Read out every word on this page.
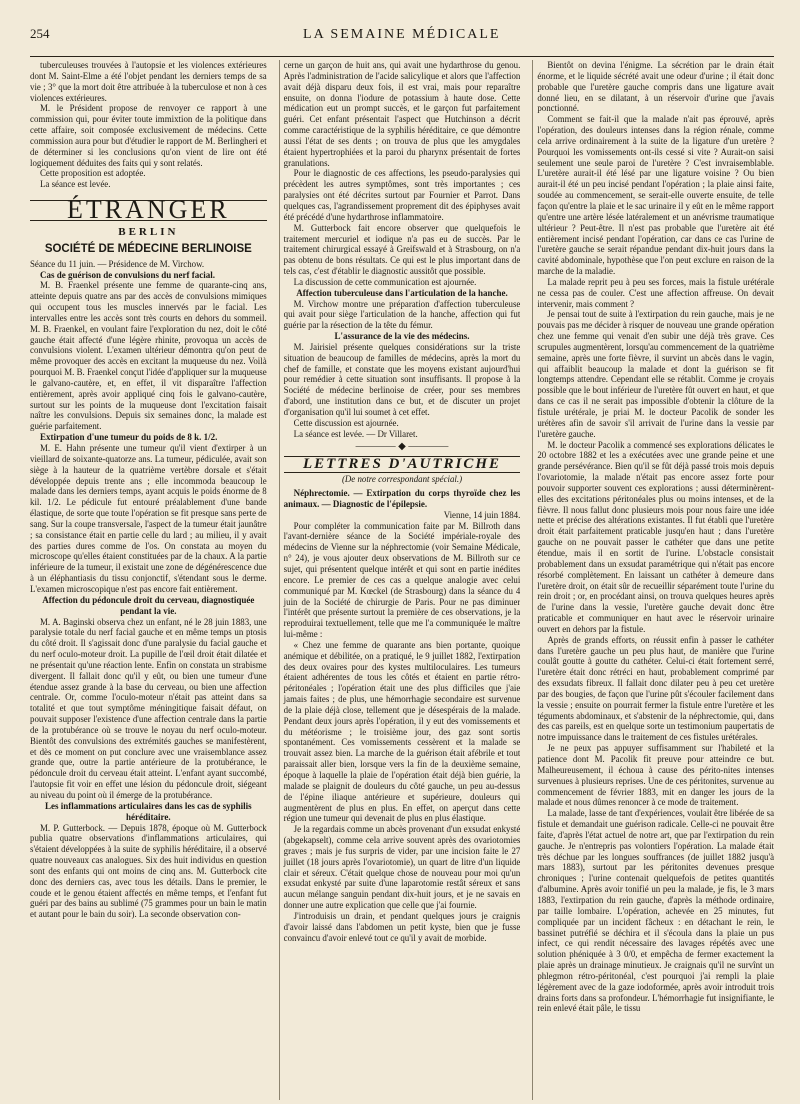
254	LA SEMAINE MÉDICALE

tuberculeuses trouvées à l'autopsie et les violences extérieures dont M. Saint-Elme a été l'objet pendant les derniers temps de sa vie ; 3° que la mort doit être attribuée à la tuberculose et non à ces violences extérieures.

M. le Président propose de renvoyer ce rapport à une commission qui, pour éviter toute immixtion de la politique dans cette affaire, soit composée exclusivement de médecins. Cette commission aura pour but d'étudier le rapport de M. Berlingheri et de déterminer si les conclusions qu'on vient de lire ont été logiquement déduites des faits qui y sont relatés.

Cette proposition est adoptée.

La séance est levée.

ÉTRANGER
BERLIN
SOCIÉTÉ DE MÉDECINE BERLINOISE

Séance du 11 juin. — Présidence de M. Virchow.

Cas de guérison de convulsions du nerf facial.

M. B. Fraenkel présente une femme de quarante-cinq ans, atteinte depuis quatre ans par des accès de convulsions mimiques qui occupent tous les muscles innervés par le facial. Les intervalles entre les accès sont très courts en dehors du sommeil. M. B. Fraenkel, en voulant faire l'exploration du nez, doit le côté gauche était affecté d'une légère rhinite, provoqua un accès de convulsions violent. L'examen ultérieur démontra qu'on peut de même provoquer des accès en excitant la muqueuse du nez. Voilà pourquoi M. B. Fraenkel conçut l'idée d'appliquer sur la muqueuse le galvano-cautère, et, en effet, il vit disparaître l'affection entièrement, après avoir appliqué cinq fois le galvano-cautère, surtout sur les points de la muqueuse dont l'excitation faisait naître les convulsions. Depuis six semaines donc, la malade est guérie parfaitement.

Extirpation d'une tumeur du poids de 8 k. 1/2.

M. E. Hahn présente une tumeur qu'il vient d'extirper à un vieillard de soixante-quatorze ans. La tumeur, pédiculée, avait son siège à la hauteur de la quatrième vertèbre dorsale et s'était développée depuis trente ans ; elle incommoda beaucoup le malade dans les derniers temps, ayant acquis le poids énorme de 8 kil. 1/2. Le pédicule fut entouré préalablement d'une bande élastique, de sorte que toute l'opération se fit presque sans perte de sang. Sur la coupe transversale, l'aspect de la tumeur était jaunâtre ; sa consistance était en partie celle du lard ; au milieu, il y avait des parties dures comme de l'os. On constata au moyen du microscope qu'elles étaient constituées par de la chaux. A la partie inférieure de la tumeur, il existait une zone de dégénérescence due à un éléphantiasis du tissu conjonctif, s'étendant sous le derme. L'examen microscopique n'est pas encore fait entièrement.

Affection du pédoncule droit du cerveau, diagnostiquée pendant la vie.

M. A. Baginski observa chez un enfant, né le 28 juin 1883, une paralysie totale du nerf facial gauche et en même temps un ptosis du côté droit. Il s'agissait donc d'une paralysie du facial gauche et du nerf oculo-moteur droit. La pupille de l'œil droit était dilatée et ne présentait qu'une réaction lente. Enfin on constata un strabisme divergent. Il fallait donc qu'il y eût, ou bien une tumeur d'une étendue assez grande à la base du cerveau, ou bien une affection centrale. Or, comme l'oculo-moteur n'était pas atteint dans sa totalité et que tout symptôme méningitique faisait défaut, on pouvait supposer l'existence d'une affection centrale dans la partie de la protubérance où se trouve le noyau du nerf oculo-moteur. Bientôt des convulsions des extrémités gauches se manifestèrent, et dès ce moment on put conclure avec une vraisemblance assez grande que, outre la partie antérieure de la protubérance, le pédoncule droit du cerveau était atteint. L'enfant ayant succombé, l'autopsie fit voir en effet une lésion du pédoncule droit, siégeant au niveau du point où il émerge de la protubérance.

Les inflammations articulaires dans les cas de syphilis héréditaire.

M. P. Gutterbock. — Depuis 1878, époque où M. Gutterbock publia quatre observations d'inflammations articulaires, qui s'étaient développées à la suite de syphilis héréditaire, il a observé quatre nouveaux cas analogues. Six des huit individus en question sont des enfants qui ont moins de cinq ans. M. Gutterbock cite donc des derniers cas, avec tous les détails. Dans le premier, le coude et le genou étaient affectés en même temps, et l'enfant fut guéri par des bains au sublimé (75 grammes pour un bain le matin et autant pour le bain du soir). La seconde observation con-

cerne un garçon de huit ans, qui avait une hydarthrose du genou. Après l'administration de l'acide salicylique et alors que l'affection avait déjà disparu deux fois, il est vrai, mais pour reparaître ensuite, on donna l'iodure de potassium à haute dose. Cette médication eut un prompt succès, et le garçon fut parfaitement guéri. Cet enfant présentait l'aspect que Hutchinson a décrit comme caractéristique de la syphilis héréditaire, ce que démontre aussi l'état de ses dents ; on trouva de plus que les amygdales étaient hypertrophiées et la paroi du pharynx présentait de fortes granulations.

Pour le diagnostic de ces affections, les pseudo-paralysies qui précèdent les autres symptômes, sont très importantes ; ces paralysies ont été décrites surtout par Fournier et Parrot. Dans quelques cas, l'agrandissement proprement dit des épiphyses avait été précédé d'une hydarthrose inflammatoire.

M. Gutterbock fait encore observer que quelquefois le traitement mercuriel et iodique n'a pas eu de succès. Par le traitement chirurgical essayé à Greifswald et à Strasbourg, on n'a pas obtenu de bons résultats. Ce qui est le plus important dans de tels cas, c'est d'établir le diagnostic aussitôt que possible.

La discussion de cette communication est ajournée.

Affection tuberculeuse dans l'articulation de la hanche.

M. Virchow montre une préparation d'affection tuberculeuse qui avait pour siège l'articulation de la hanche, affection qui fut guérie par la résection de la tête du fémur.

L'assurance de la vie des médecins.

M. Jairisiel présente quelques considérations sur la triste situation de beaucoup de familles de médecins, après la mort du chef de famille, et constate que les moyens existant aujourd'hui pour remédier à cette situation sont insuffisants. Il propose à la Société de médecine berlinoise de créer, pour ses membres d'abord, une institution dans ce but, et de discuter un projet d'organisation qu'il lui soumet à cet effet.

Cette discussion est ajournée.

La séance est levée. — Dr Villaret.

———— ◆ ————
LETTRES D'AUTRICHE
(De notre correspondant spécial.)

Néphrectomie. — Extirpation du corps thyroïde chez les animaux. — Diagnostic de l'épilepsie.

Vienne, 14 juin 1884.

Pour compléter la communication faite par M. Billroth dans l'avant-dernière séance de la Société impériale-royale des médecins de Vienne sur la néphrectomie (voir Semaine Médicale, n° 24), je vous ajouter deux observations de M. Billroth sur ce sujet, qui présentent quelque intérêt et qui sont en partie inédites encore. Le premier de ces cas a quelque analogie avec celui communiqué par M. Kœckel (de Strasbourg) dans la séance du 4 juin de la Société de chirurgie de Paris. Pour ne pas diminuer l'intérêt que présente surtout la première de ces observations, je la reproduirai textuellement, telle que me l'a communiquée le maître lui-même :

« Chez une femme de quarante ans bien portante, quoique anémique et débilitée, on a pratiqué, le 9 juillet 1882, l'extirpation des deux ovaires pour des kystes multiloculaires. Les tumeurs étaient adhérentes de tous les côtés et étaient en partie rétro-péritonéales ; l'opération était une des plus difficiles que j'aie jamais faites ; de plus, une hémorrhagie secondaire est survenue de la plaie déjà close, tellement que je désespérais de la malade. Pendant deux jours après l'opération, il y eut des vomissements et du météorisme ; le troisième jour, des gaz sont sortis spontanément. Ces vomissements cessèrent et la malade se trouvait assez bien. La marche de la guérison était afébrile et tout paraissait aller bien, lorsque vers la fin de la deuxième semaine, époque à laquelle la plaie de l'opération était déjà bien guérie, la malade se plaignit de douleurs du côté gauche, un peu au-dessus de l'épine iliaque antérieure et supérieure, douleurs qui augmentèrent de plus en plus. En effet, on aperçut dans cette région une tumeur qui devenait de plus en plus élastique.

Je la regardais comme un abcès provenant d'un exsudat enkysté (abgekapselt), comme cela arrive souvent après des ovariotomies graves ; mais je fus surpris de vider, par une incision faite le 27 juillet (18 jours après l'ovariotomie), un quart de litre d'un liquide clair et séreux. C'était quelque chose de nouveau pour moi qu'un exsudat enkysté par suite d'une laparotomie restât séreux et sans aucun mélange sanguin pendant dix-huit jours, et je ne savais en donner une autre explication que celle que j'ai fournie.

J'introduisis un drain, et pendant quelques jours je craignis d'avoir laissé dans l'abdomen un petit kyste, bien que je fusse convaincu d'avoir enlevé tout ce qu'il y avait de morbide.

Bientôt on devina l'énigme. La sécrétion par le drain était énorme, et le liquide sécrété avait une odeur d'urine ; il était donc probable que l'uretère gauche compris dans une ligature avait donné lieu, en se dilatant, à un réservoir d'urine que j'avais ponctionné.

Comment se fait-il que la malade n'ait pas éprouvé, après l'opération, des douleurs intenses dans la région rénale, comme cela arrive ordinairement à la suite de la ligature d'un uretère ? Pourquoi les vomissements ont-ils cessé si vite ? Aurait-on saisi seulement une seule paroi de l'uretère ? C'est invraisemblable. L'uretère aurait-il été lésé par une ligature voisine ? Ou bien aurait-il été un peu incisé pendant l'opération ; la plaie ainsi faite, soudée au commencement, se serait-elle ouverte ensuite, de telle façon qu'entre la plaie et le sac urinaire il y eût en le même rapport qu'entre une artère lésée latéralement et un anévrisme traumatique ultérieur ? Peut-être. Il n'est pas probable que l'uretère ait été entièrement incisé pendant l'opération, car dans ce cas l'urine de l'uretère gauche se serait répandue pendant dix-huit jours dans la cavité abdominale, hypothèse que l'on peut exclure en raison de la marche de la maladie.

La malade reprit peu à peu ses forces, mais la fistule urétérale ne cessa pas de couler. C'est une affection affreuse. On devait intervenir, mais comment ?

Je pensai tout de suite à l'extirpation du rein gauche, mais je ne pouvais pas me décider à risquer de nouveau une grande opération chez une femme qui venait d'en subir une déjà très grave. Ces scrupules augmentèrent, lorsqu'au commencement de la quatrième semaine, après une forte fièvre, il survint un abcès dans le vagin, qui affaiblit beaucoup la malade et dont la guérison se fit longtemps attendre. Cependant elle se rétablit. Comme je croyais possible que le bout inférieur de l'uretère fût ouvert en haut, et que dans ce cas il ne serait pas impossible d'obtenir la clôture de la fistule urétérale, je priai M. le docteur Pacolik de sonder les urétères afin de savoir s'il arrivait de l'urine dans la vessie par l'uretère gauche.

M. le docteur Pacolik a commencé ses explorations délicates le 20 octobre 1882 et les a exécutées avec une grande peine et une grande persévérance. Bien qu'il se fût déjà passé trois mois depuis l'ovariotomie, la malade n'était pas encore assez forte pour pouvoir supporter souvent ces explorations ; aussi déterminèrent-elles des excitations péritonéales plus ou moins intenses, et de la fièvre. Il nous fallut donc plusieurs mois pour nous faire une idée nette et précise des altérations existantes. Il fut établi que l'uretère droit était parfaitement praticable jusqu'en haut ; dans l'uretère gauche on ne pouvait passer le cathéter que dans une petite étendue, mais il en sortit de l'urine. L'obstacle consistait probablement dans un exsudat paramétrique qui n'était pas encore résorbé complètement. En laissant un cathéter à demeure dans l'uretère droit, on était sûr de recueillir séparément toute l'urine du rein droit ; or, en procédant ainsi, on trouva quelques heures après de l'urine dans la vessie, l'uretère gauche devait donc être praticable et communiquer en haut avec le réservoir urinaire ouvert en dehors par la fistule.

Après de grands efforts, on réussit enfin à passer le cathéter dans l'uretère gauche un peu plus haut, de manière que l'urine coulât goutte à goutte du cathéter. Celui-ci était fortement serré, l'uretère était donc rétréci en haut, probablement comprimé par des exsudats fibreux. Il fallait donc dilater peu à peu cet uretère par des bougies, de façon que l'urine pût s'écouler facilement dans la vessie ; ensuite on pourrait fermer la fistule entre l'uretère et les téguments abdominaux, et s'abstenir de la néphrectomie, qui, dans des cas pareils, est en quelque sorte un testimonium paupertatis de notre impuissance dans le traitement de ces fistules urétérales.

Je ne peux pas appuyer suffisamment sur l'habileté et la patience dont M. Pacolik fit preuve pour atteindre ce but. Malheureusement, il échoua à cause des périto-nites intenses survenues à plusieurs reprises. Une de ces péritonites, survenue au commencement de février 1883, mit en danger les jours de la malade et nous dûmes renoncer à ce mode de traitement.

La malade, lasse de tant d'expériences, voulait être libérée de sa fistule et demandait une guérison radicale. Celle-ci ne pouvait être faite, d'après l'état actuel de notre art, que par l'extirpation du rein gauche. Je n'entrepris pas volontiers l'opération. La malade était très déchue par les longues souffrances (de juillet 1882 jusqu'à mars 1883), surtout par les péritonites devenues presque chroniques ; l'urine contenait quelquefois de petites quantités d'albumine. Après avoir tonifié un peu la malade, je fis, le 3 mars 1883, l'extirpation du rein gauche, d'après la méthode ordinaire, par taille lombaire. L'opération, achevée en 25 minutes, fut compliquée par un incident fâcheux : en détachant le rein, le bassinet putréfié se déchira et il s'écoula dans la plaie un pus infect, ce qui rendit nécessaire des lavages répétés avec une solution phéniquée à 3 0/0, et empêcha de fermer exactement la plaie après un drainage minutieux. Je craignais qu'il ne survînt un phlegmon rétro-péritonéal, c'est pourquoi j'ai rempli la plaie légèrement avec de la gaze iodoformée, après avoir introduit trois drains forts dans sa profondeur. L'hémorrhagie fut insignifiante, le rein enlevé était pâle, le tissu
